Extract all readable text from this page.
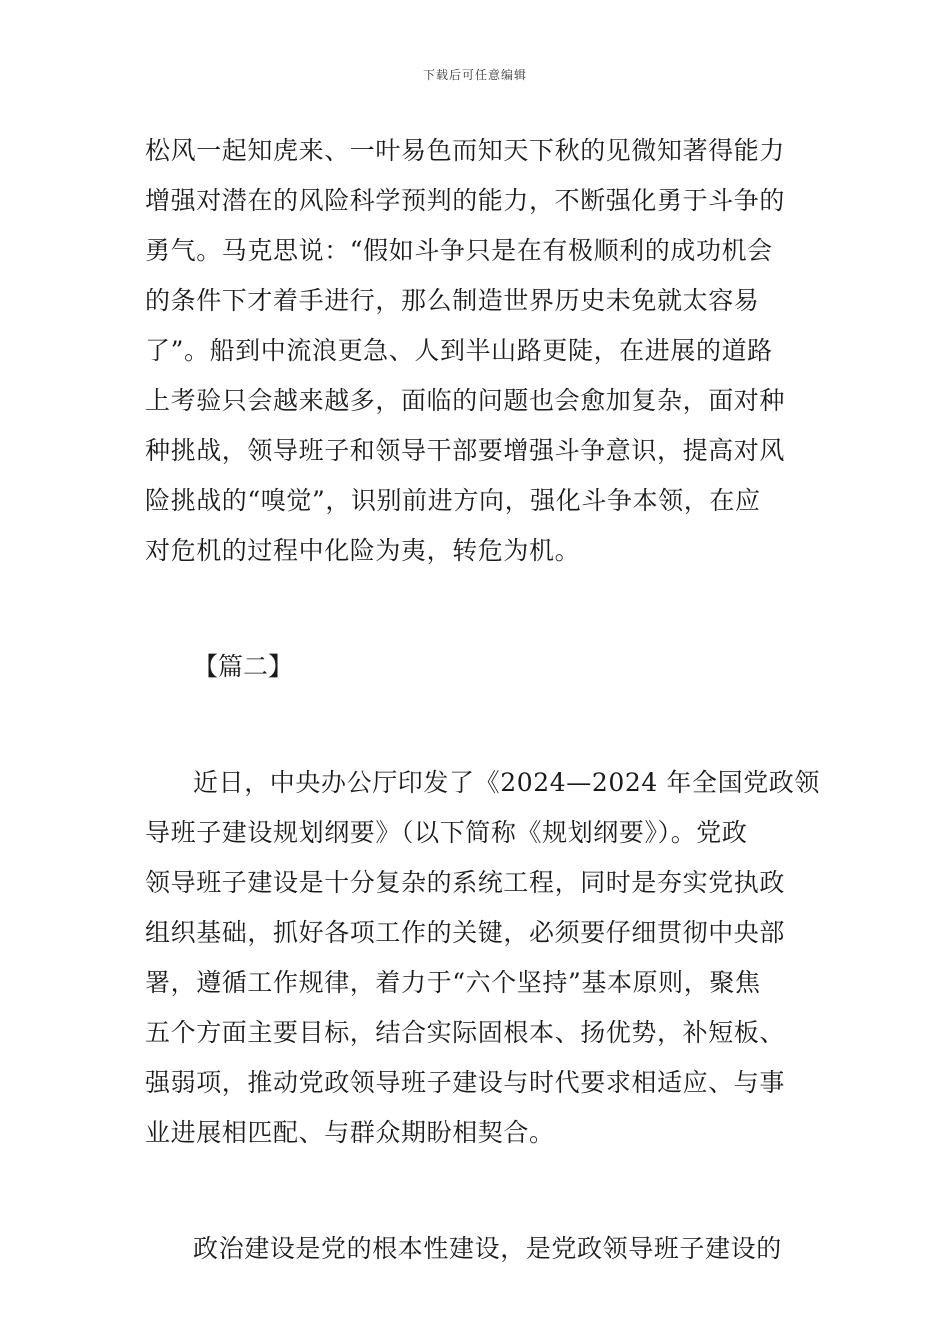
下载后可任意编辑
松风一起知虎来、一叶易色而知天下秋的见微知著得能力
增强对潜在的风险科学预判的能力，不断强化勇于斗争的
勇气。马克思说：“假如斗争只是在有极顺利的成功机会
的条件下才着手进行，那么制造世界历史未免就太容易
了”。船到中流浪更急、人到半山路更陡，在进展的道路
上考验只会越来越多，面临的问题也会愈加复杂，面对种
种挑战，领导班子和领导干部要增强斗争意识，提高对风
险挑战的“嗅觉”，识别前进方向，强化斗争本领，在应
对危机的过程中化险为夷，转危为机。
【篇二】
近日，中央办公厅印发了《2024—2024 年全国党政领
导班子建设规划纲要》（以下简称《规划纲要》）。党政
领导班子建设是十分复杂的系统工程，同时是夯实党执政
组织基础，抓好各项工作的关键，必须要仔细贯彻中央部
署，遵循工作规律，着力于“六个坚持”基本原则，聚焦
五个方面主要目标，结合实际固根本、扬优势，补短板、
强弱项，推动党政领导班子建设与时代要求相适应、与事
业进展相匹配、与群众期盼相契合。
政治建设是党的根本性建设，是党政领导班子建设的
